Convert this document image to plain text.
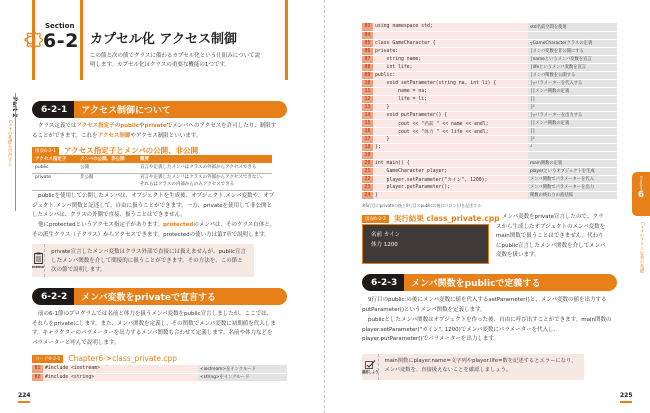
Section
6-2 カプセル化 アクセス制御
この節と次の節でクラスに備わるカプセル化という仕組みについて説明します。カプセル化はクラスの重要な機能の1つです。
C++の基礎を学習する
6-2-1	アクセス制御について
クラス定義ではアクセス指定子のpublicやprivateでメンバへのアクセスを許可したり、制限することができます。これをアクセス制御やアクセス制限といいます。
図表6-2-1	アクセス指定子とメンバの公開、非公開
アクセス指定子	メンバの公開、非公開	概要
public	公開	宣言や定義したメンバはクラスの外部からアクセスできる
private	非公開	宣言や定義したメンバはクラスの外部からアクセスできない。それらはクラスの内部からのみアクセスできる
publicを使用して公開したメンバは、オブジェクトを生成後、オブジェクト.メンバ変数や、オブジェクト.メンバ関数と記述して、自由に扱うことができます。一方、privateを使用して非公開としたメンバは、クラスの外側で直接、扱うことはできません。
他にprotectedというアクセス指定子があります。protectedのメンバは、そのクラス自体と、その派生クラス（子クラス）からアクセスできます。protectedの使い方は第7章で説明します。
memo
private宣言したメンバ変数はクラス外部で直接には扱えませんが、public宣言したメンバ関数を介して間接的に扱うことができます。その方法を、この節と次の節で説明します。
6-2-2	メンバ変数をprivateで宣言する
前の6-1節のプログラムでは名前と体力を扱うメンバ変数をpublic宣言しましたが、ここでは、それらをprivateにします。また、メンバ関数を定義し、その関数でメンバ変数に初期値を代入します。キャラクターのパラメーターを出力するメンバ関数も合わせて定義します。名前や体力などをパラメーターと呼んで説明します。
コード6-2-1	Chapter6->class_private.cpp
01	#include <iostream>	<iostream>をインクルード
02	#include <string>	<string>をインクルード
224
03	using namespace std;	std名前空間を使用
04		
05	class GameCharacter {	┬GameCharacterクラスの定義
06	private:	│メンバ変数を非公開にする
07	string name;	│nameというメンバ変数を宣言
08	int life;	│lifeというメンバ変数を宣言
09	public:	│メンバ関数を公開する
10	void setParameter(string na, int li) {	│┬パラメーターを代入する
11	name = na;	││メンバ関数の定義
12	life = li;	││
13	}	│┘
14	void putParameter() {	│┬パラメーターを出力する
15	cout << "名前 " << name << endl;	││メンバ関数の定義
16	cout << "体力 " << life << endl;	││
17	}	│┘
18	};	┘
19		
20	int main() {	main関数の定義
21	GameCharacter player;	playerというオブジェクトを生成
22	player.setParameter("カイン", 1200);	メンバ関数でパラメーターを代入
23	player.putParameter();	メンバ関数でパラメーターを出力
24	}	関数の終わりの波括弧
※6行目のprivateの後と9行目のpublicの後にコロン(:)を記述する
図表6-2-2	実行結果 class_private.cpp
名前 カイン
体力 1200
メンバ変数をprivate宣言したので、クラスから生成したオブジェクトのメンバ変数をmain関数で扱うことはできません。代わりにpublic宣言したメンバ関数を介してメンバ変数を扱います。
6-2-3	メンバ関数をpublicで定義する
9行目のpublic:の後にメンバ変数に値を代入するsetParameter()と、メンバ変数の値を出力するputParameter()というメンバ関数を定義します。
publicとしたメンバ関数はオブジェクトを作った後、自由に呼び出すことができます。main関数のplayer.setParameter("カイン", 1200)でメンバ変数にパラメーターを代入し、player.putParameter()でパラメーターを出力します。
確認しよう
main関数にplayer.name=文字列やplayer.life=数を記述するとエラーになり、メンバ変数を、直接扱えないことを確認しましょう。
Chapter
6
C++のクラス定義の基礎
225
